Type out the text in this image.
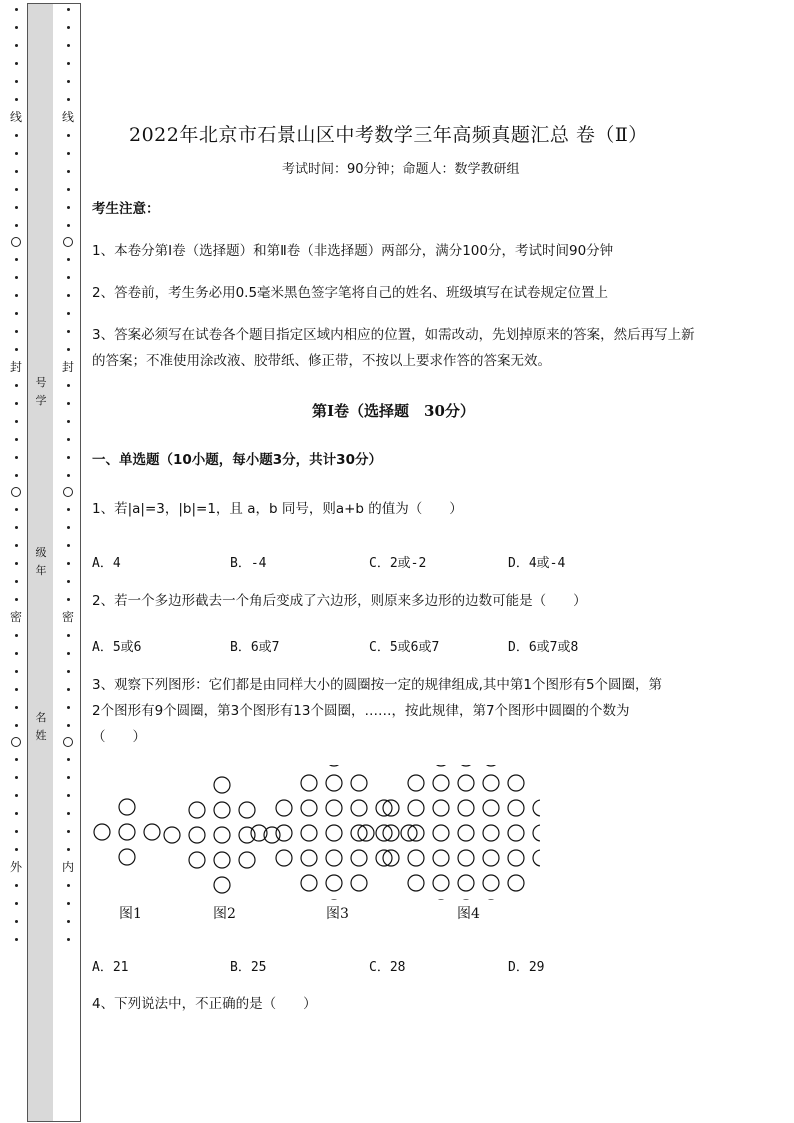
线
封
密
外
线
封
密
内
号
学
级
年
名
姓
2022年北京市石景山区中考数学三年高频真题汇总 卷（Ⅱ）
考试时间：90分钟；命题人：数学教研组
考生注意：
1、本卷分第I卷（选择题）和第Ⅱ卷（非选择题）两部分，满分100分，考试时间90分钟
2、答卷前，考生务必用0.5毫米黑色签字笔将自己的姓名、班级填写在试卷规定位置上
3、答案必须写在试卷各个题目指定区域内相应的位置，如需改动，先划掉原来的答案，然后再写上新
的答案；不准使用涂改液、胶带纸、修正带，不按以上要求作答的答案无效。
第Ⅰ卷（选择题　30分）
一、单选题（10小题，每小题3分，共计30分）
1、若|a|=3，|b|=1，且 a，b 同号，则a+b 的值为（　　）
A．4	B．-4	C．2或-2	D．4或-4
2、若一个多边形截去一个角后变成了六边形，则原来多边形的边数可能是（　　）
A．5或6	B．6或7	C．5或6或7	D．6或7或8
3、观察下列图形：它们都是由同样大小的圆圈按一定的规律组成,其中第1个图形有5个圆圈，第
2个图形有9个圆圈，第3个图形有13个圆圈，……，按此规律，第7个图形中圆圈的个数为
（　　）
图1	图2	图3	图4
A．21	B．25	C．28	D．29
4、下列说法中，不正确的是（　　）
